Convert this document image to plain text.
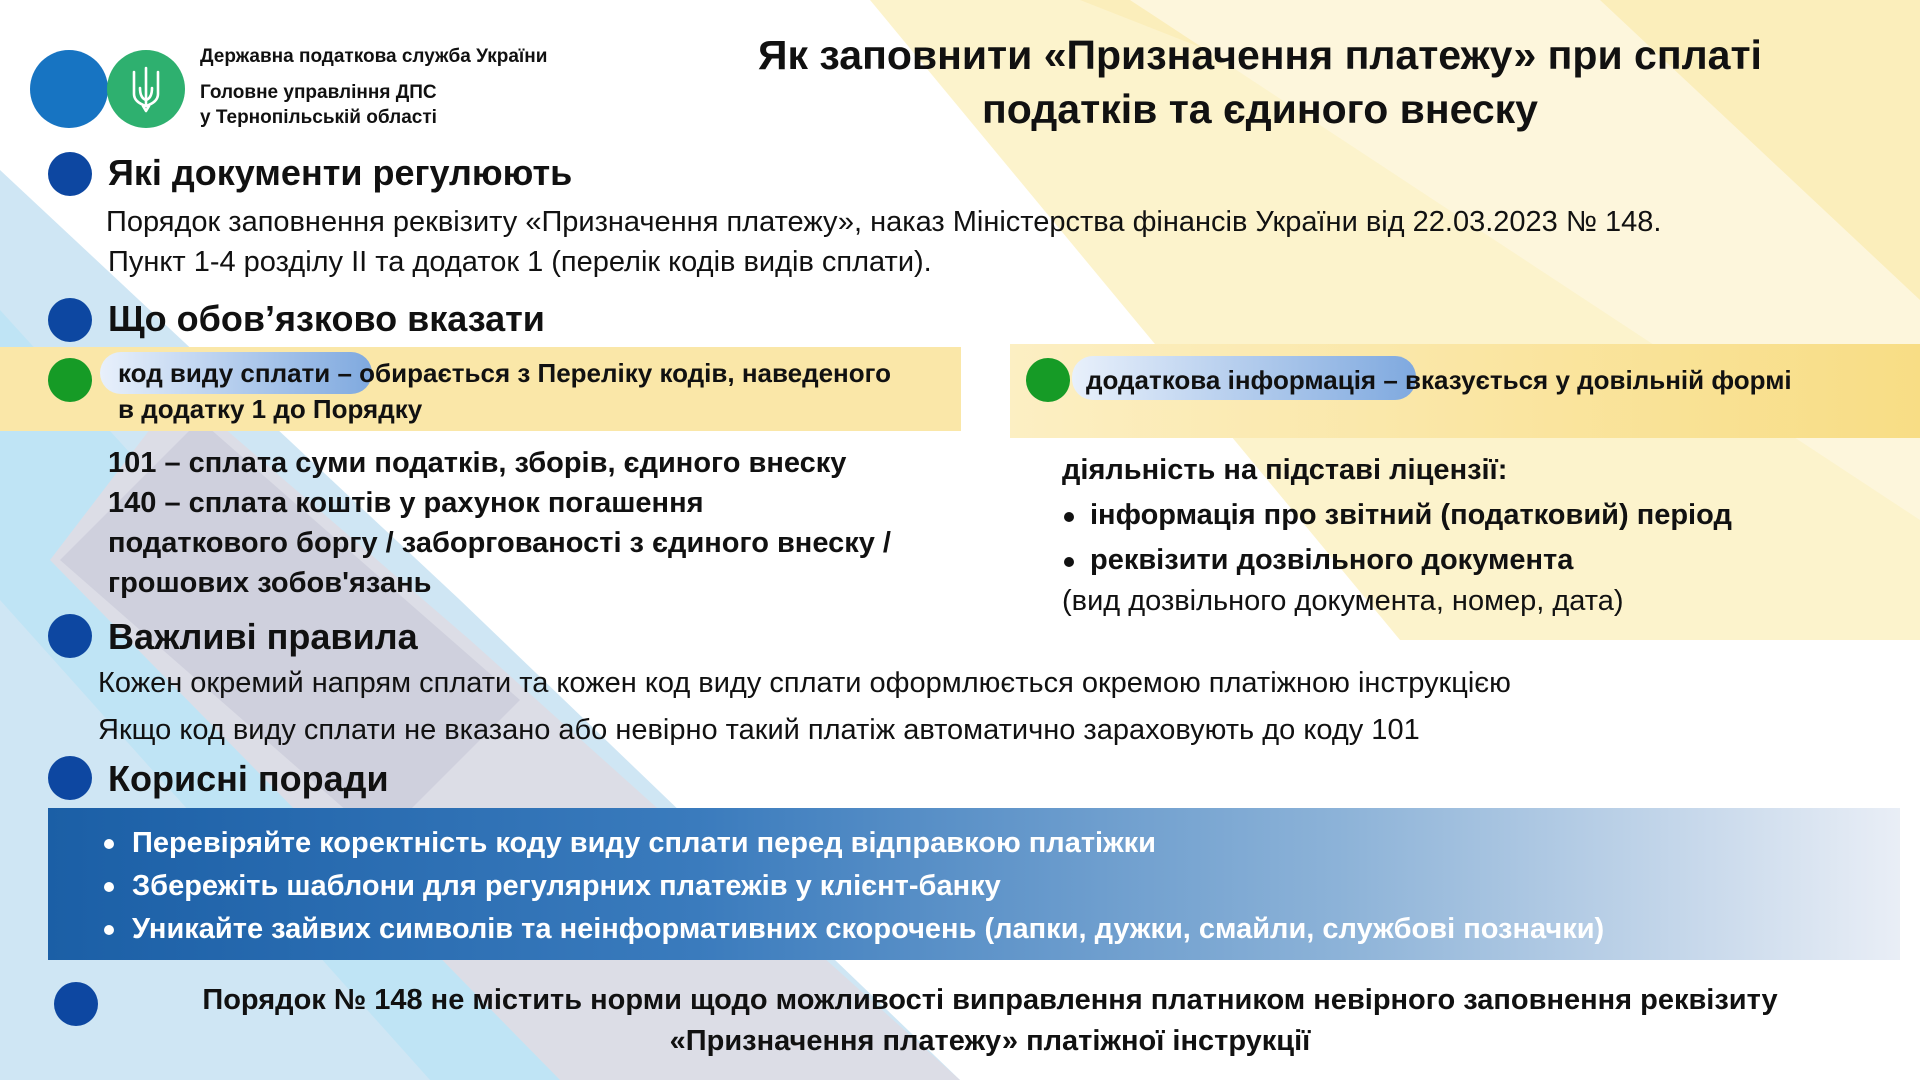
Державна податкова служба України
Головне управління ДПС
у Тернопільській області
Як заповнити «Призначення платежу» при сплаті
податків та єдиного внеску
Які документи регулюють
Порядок заповнення реквізиту «Призначення платежу», наказ Міністерства фінансів України від 22.03.2023 № 148.
Пункт 1-4 розділу ІІ та додаток 1 (перелік кодів видів сплати).
Що обов’язково вказати
код виду сплати – обирається з Переліку кодів, наведеного
в додатку 1 до Порядку
додаткова інформація – вказується у довільній формі
101 – сплата суми податків, зборів, єдиного внеску
140 – сплата коштів у рахунок погашення
податкового боргу / заборгованості з єдиного внеску /
грошових зобов'язань
діяльність на підставі ліцензії:
інформація про звітний (податковий) період
реквізити дозвільного документа
(вид дозвільного документа, номер, дата)
Важливі правила
Кожен окремий напрям сплати та кожен код виду сплати оформлюється окремою платіжною інструкцією
Якщо код виду сплати не вказано або невірно такий платіж автоматично зараховують до коду 101
Корисні поради
Перевіряйте коректність коду виду сплати перед відправкою платіжки
Збережіть шаблони для регулярних платежів у клієнт-банку
Уникайте зайвих символів та неінформативних скорочень (лапки, дужки, смайли, службові позначки)
Порядок № 148 не містить норми щодо можливості виправлення платником невірного заповнення реквізиту
«Призначення платежу» платіжної інструкції
